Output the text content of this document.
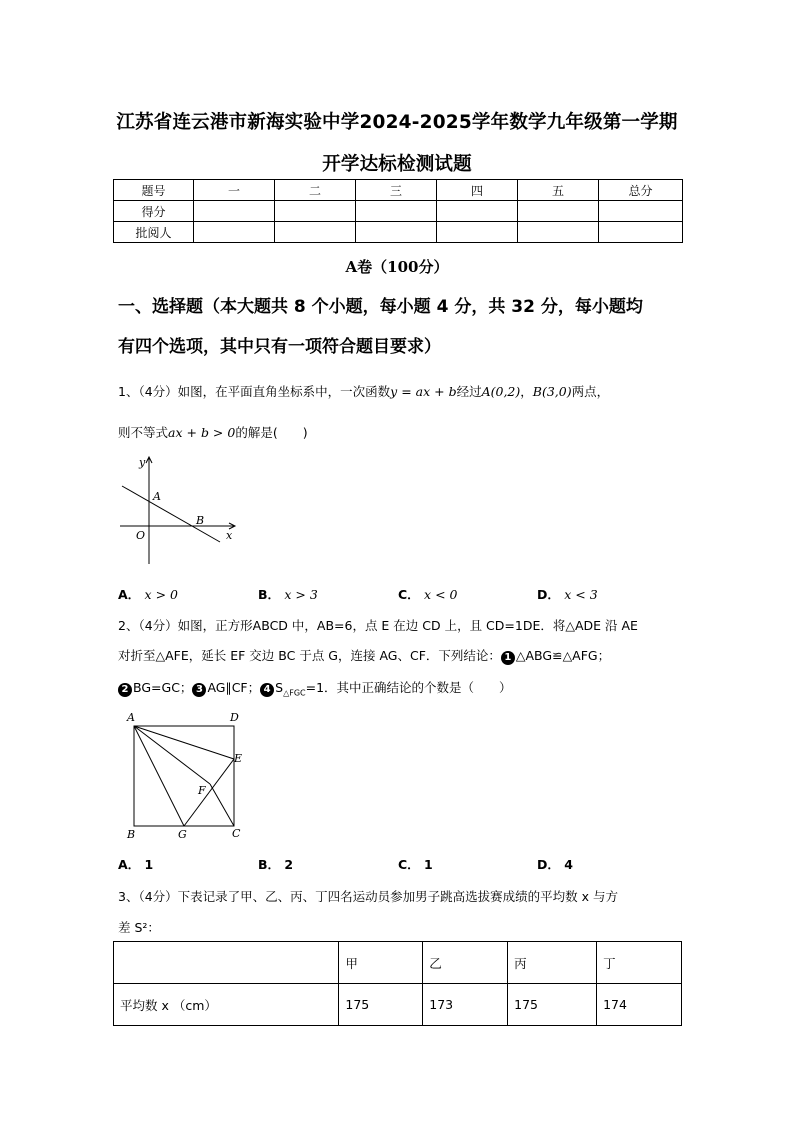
江苏省连云港市新海实验中学2024-2025学年数学九年级第一学期
开学达标检测试题
题号	一	二	三	四	五	总分
得分						
批阅人						
A卷（100分）
一、选择题（本大题共 8 个小题，每小题 4 分，共 32 分，每小题均
有四个选项，其中只有一项符合题目要求）
1、（4分）如图，在平面直角坐标系中，一次函数y = ax + b经过A(0,2)，B(3,0)两点，
则不等式ax + b > 0的解是(　　)
y
x
O
A
B
A． x > 0	B． x > 3	C． x < 0	D． x < 3
2、（4分）如图，正方形ABCD 中，AB=6，点 E 在边 CD 上，且 CD=1DE．将△ADE 沿 AE
对折至△AFE，延长 EF 交边 BC 于点 G，连接 AG、CF．下列结论： 1 △ABG≌△AFG；
2 BG=GC； 3 AG∥CF； 4 $S_{\triangle FGC}=1$．其中正确结论的个数是（　　）
A	D
E
F
B	G	C
A． 1	B． 2	C． 1	D． 4
3、（4分）下表记录了甲、乙、丙、丁四名运动员参加男子跳高选拔赛成绩的平均数 x 与方
差 S²：
	甲	乙	丙	丁
平均数 x （cm）	175	173	175	174
